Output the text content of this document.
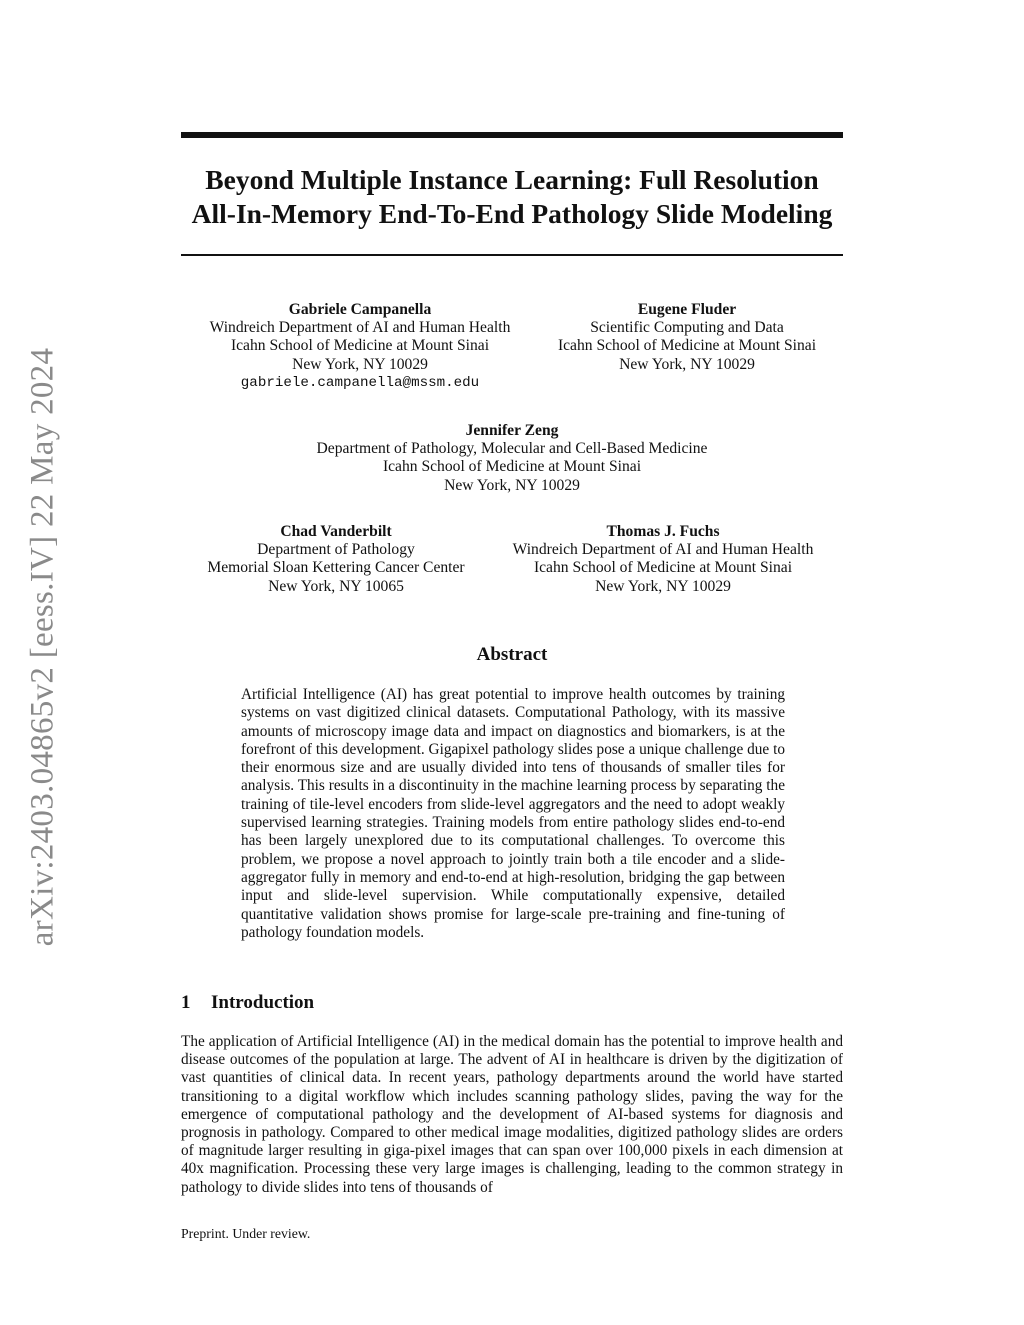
arXiv:2403.04865v2 [eess.IV] 22 May 2024
Beyond Multiple Instance Learning: Full Resolution
All-In-Memory End-To-End Pathology Slide Modeling
Gabriele Campanella
Windreich Department of AI and Human Health
Icahn School of Medicine at Mount Sinai
New York, NY 10029
gabriele.campanella@mssm.edu
Eugene Fluder
Scientific Computing and Data
Icahn School of Medicine at Mount Sinai
New York, NY 10029
Jennifer Zeng
Department of Pathology, Molecular and Cell-Based Medicine
Icahn School of Medicine at Mount Sinai
New York, NY 10029
Chad Vanderbilt
Department of Pathology
Memorial Sloan Kettering Cancer Center
New York, NY 10065
Thomas J. Fuchs
Windreich Department of AI and Human Health
Icahn School of Medicine at Mount Sinai
New York, NY 10029
Abstract

Artificial Intelligence (AI) has great potential to improve health outcomes by training systems on vast digitized clinical datasets. Computational Pathology, with its massive amounts of microscopy image data and impact on diagnostics and biomarkers, is at the forefront of this development. Gigapixel pathology slides pose a unique challenge due to their enormous size and are usually divided into tens of thousands of smaller tiles for analysis. This results in a discontinuity in the machine learning process by separating the training of tile-level encoders from slide-level aggregators and the need to adopt weakly supervised learning strategies. Training models from entire pathology slides end-to-end has been largely unexplored due to its computational challenges. To overcome this problem, we propose a novel approach to jointly train both a tile encoder and a slide-aggregator fully in memory and end-to-end at high-resolution, bridging the gap between input and slide-level supervision. While computationally expensive, detailed quantitative validation shows promise for large-scale pre-training and fine-tuning of pathology foundation models.

1 Introduction

The application of Artificial Intelligence (AI) in the medical domain has the potential to improve health and disease outcomes of the population at large. The advent of AI in healthcare is driven by the digitization of vast quantities of clinical data. In recent years, pathology departments around the world have started transitioning to a digital workflow which includes scanning pathology slides, paving the way for the emergence of computational pathology and the development of AI-based systems for diagnosis and prognosis in pathology. Compared to other medical image modalities, digitized pathology slides are orders of magnitude larger resulting in giga-pixel images that can span over 100,000 pixels in each dimension at 40x magnification. Processing these very large images is challenging, leading to the common strategy in pathology to divide slides into tens of thousands of

Preprint. Under review.
